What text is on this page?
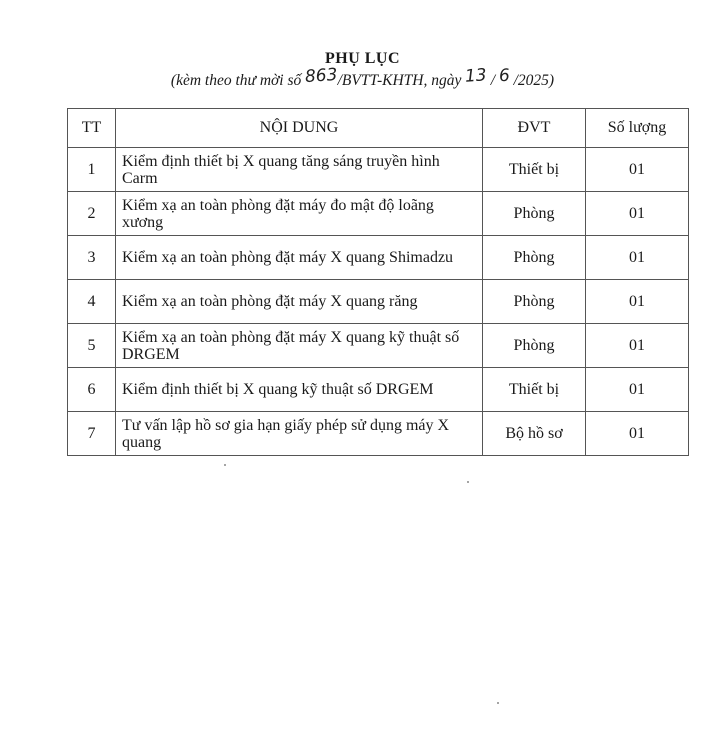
PHỤ LỤC
(kèm theo thư mời số 863/BVTT-KHTH, ngày 13 / 6 /2025)
TT	NỘI DUNG	ĐVT	Số lượng
1	Kiểm định thiết bị X quang tăng sáng truyền hình Carm	Thiết bị	01
2	Kiểm xạ an toàn phòng đặt máy đo mật độ loãng xương	Phòng	01
3	Kiểm xạ an toàn phòng đặt máy X quang Shimadzu	Phòng	01
4	Kiểm xạ an toàn phòng đặt máy X quang răng	Phòng	01
5	Kiểm xạ an toàn phòng đặt máy X quang kỹ thuật số DRGEM	Phòng	01
6	Kiểm định thiết bị X quang kỹ thuật số DRGEM	Thiết bị	01
7	Tư vấn lập hồ sơ gia hạn giấy phép sử dụng máy X quang	Bộ hồ sơ	01
